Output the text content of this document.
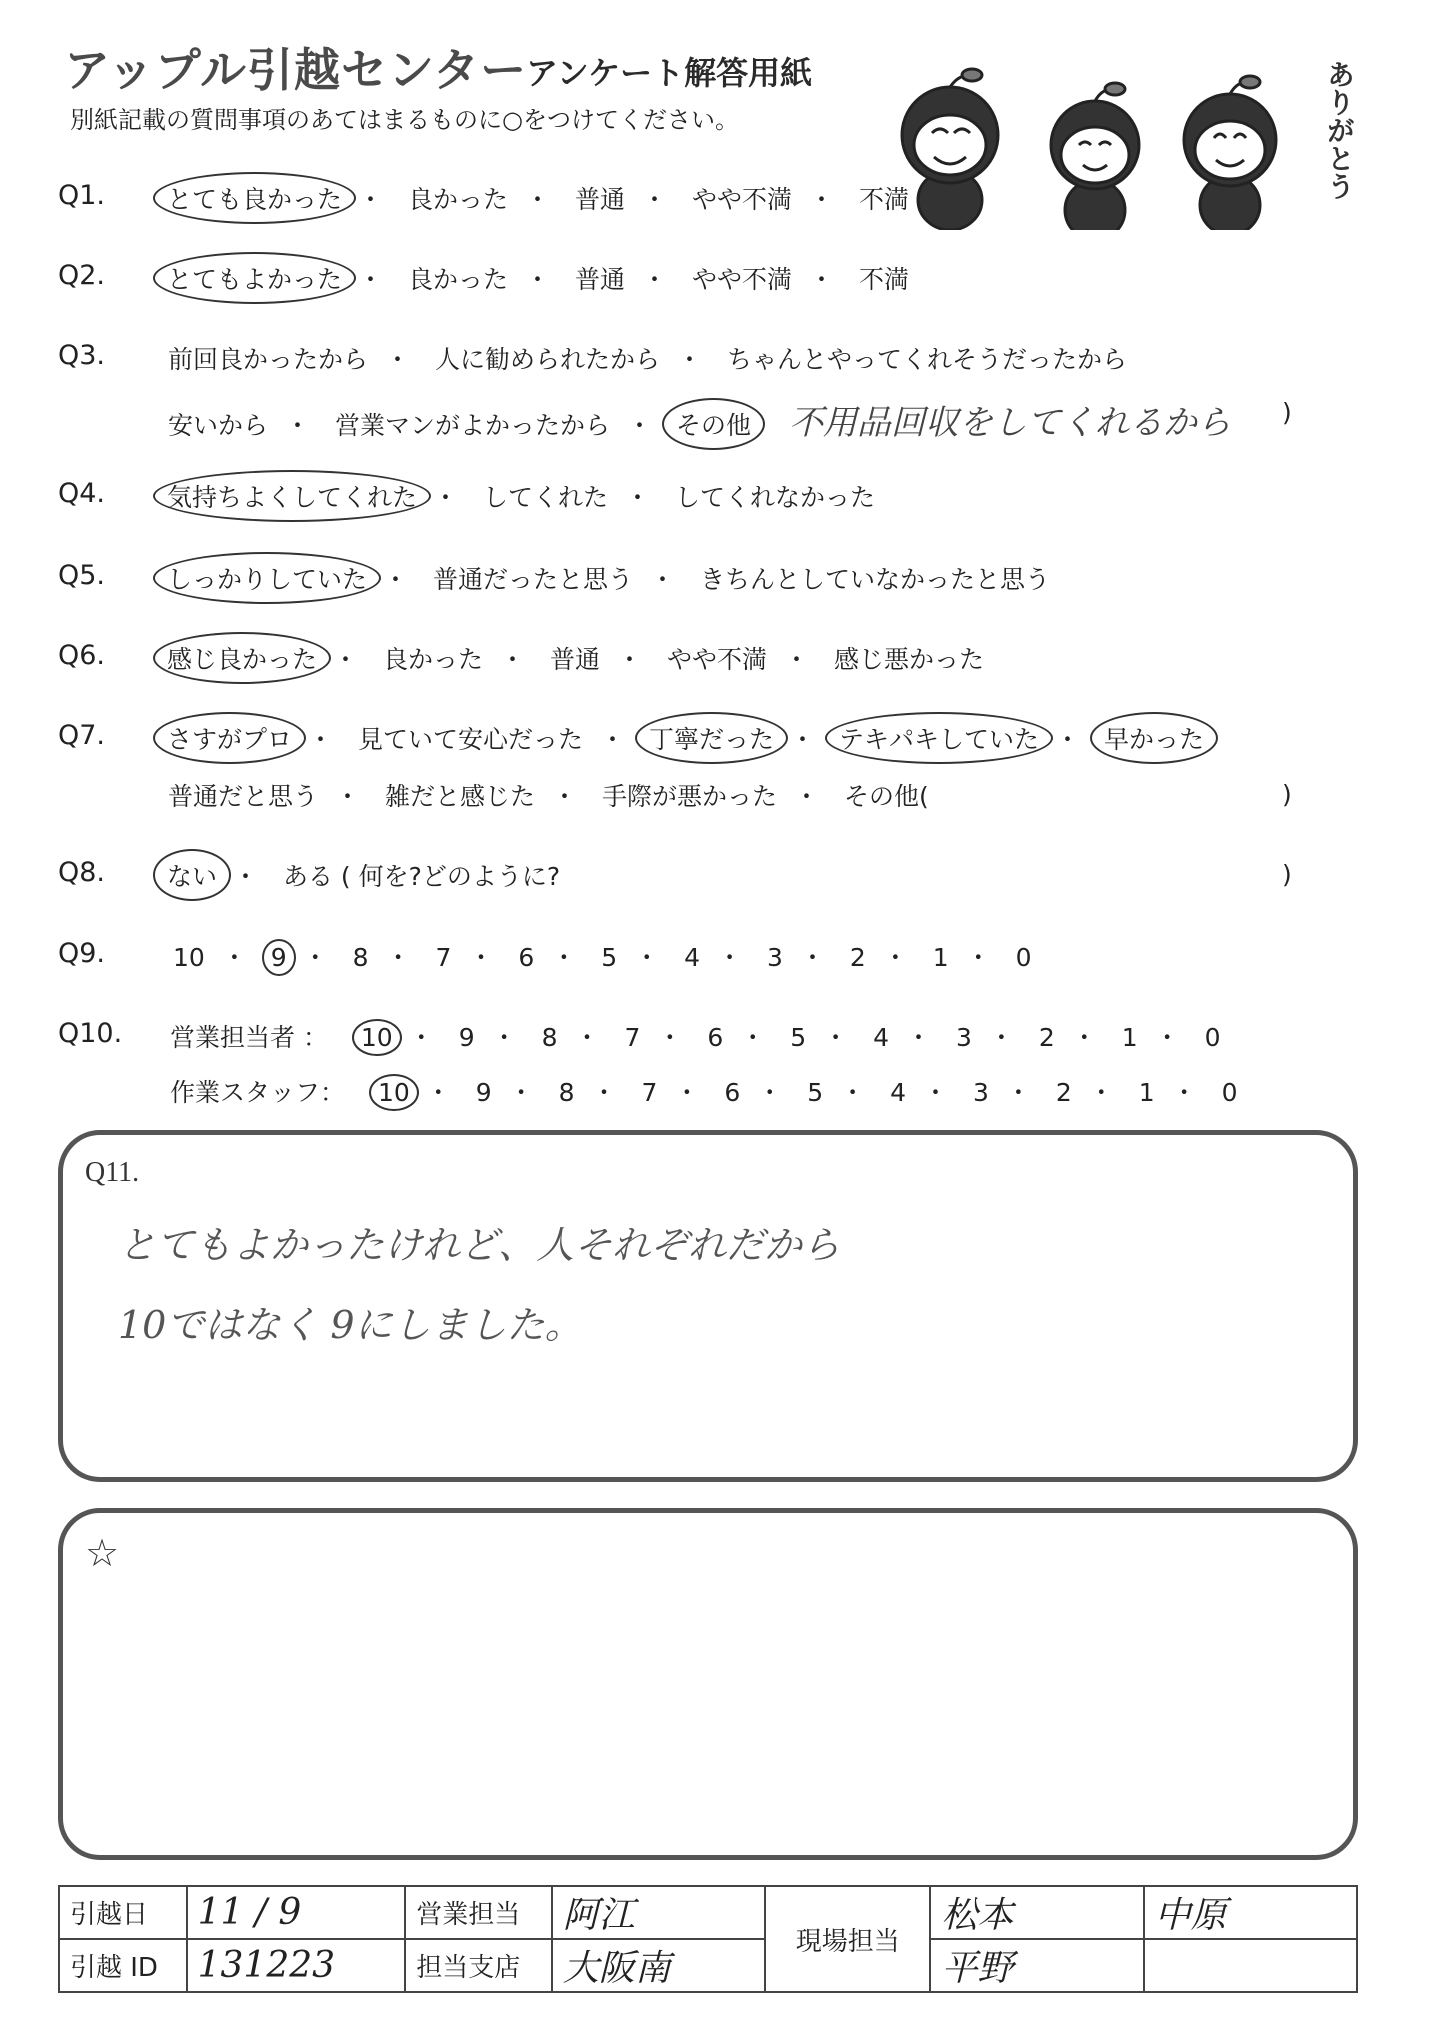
アップル引越センター
アンケート解答用紙
別紙記載の質問事項のあてはまるものに○をつけてください。	ありがとう
Q1. とても良かった ・ 良かった ・ 普通 ・ やや不満 ・ 不満
Q2. とてもよかった ・ 良かった ・ 普通 ・ やや不満 ・ 不満
Q3.	前回良かったから ・ 人に勧められたから ・ ちゃんとやってくれそうだったから
安いから ・ 営業マンがよかったから ・ その他 不用品回収をしてくれるから )
Q4. 気持ちよくしてくれた ・ してくれた ・ してくれなかった
Q5. しっかりしていた ・ 普通だったと思う ・ きちんとしていなかったと思う
Q6. 感じ良かった ・ 良かった ・ 普通 ・ やや不満 ・ 感じ悪かった
Q7. さすがプロ ・ 見ていて安心だった ・ 丁寧だった ・ テキパキしていた ・ 早かった
普通だと思う ・ 雑だと感じた ・ 手際が悪かった ・ その他(	)
Q8. ない ・ ある ( 何を?どのように?	)
Q9.	10 ・ 9 ・ 8 ・ 7 ・ 6 ・ 5 ・ 4 ・ 3 ・ 2 ・ 1 ・ 0
Q10. 営業担当者 ： 10 ・ 9 ・ 8 ・ 7 ・ 6 ・ 5 ・ 4 ・ 3 ・ 2 ・ 1 ・ 0
作業スタッフ： 10 ・ 9 ・ 8 ・ 7 ・ 6 ・ 5 ・ 4 ・ 3 ・ 2 ・ 1 ・ 0
Q11.
とてもよかったけれど、人それぞれだから
10ではなく 9にしました。
☆
引越日	11 / 9	営業担当	阿江	現場担当	松本	中原
引越 ID	131223	担当支店	大阪南		平野	
